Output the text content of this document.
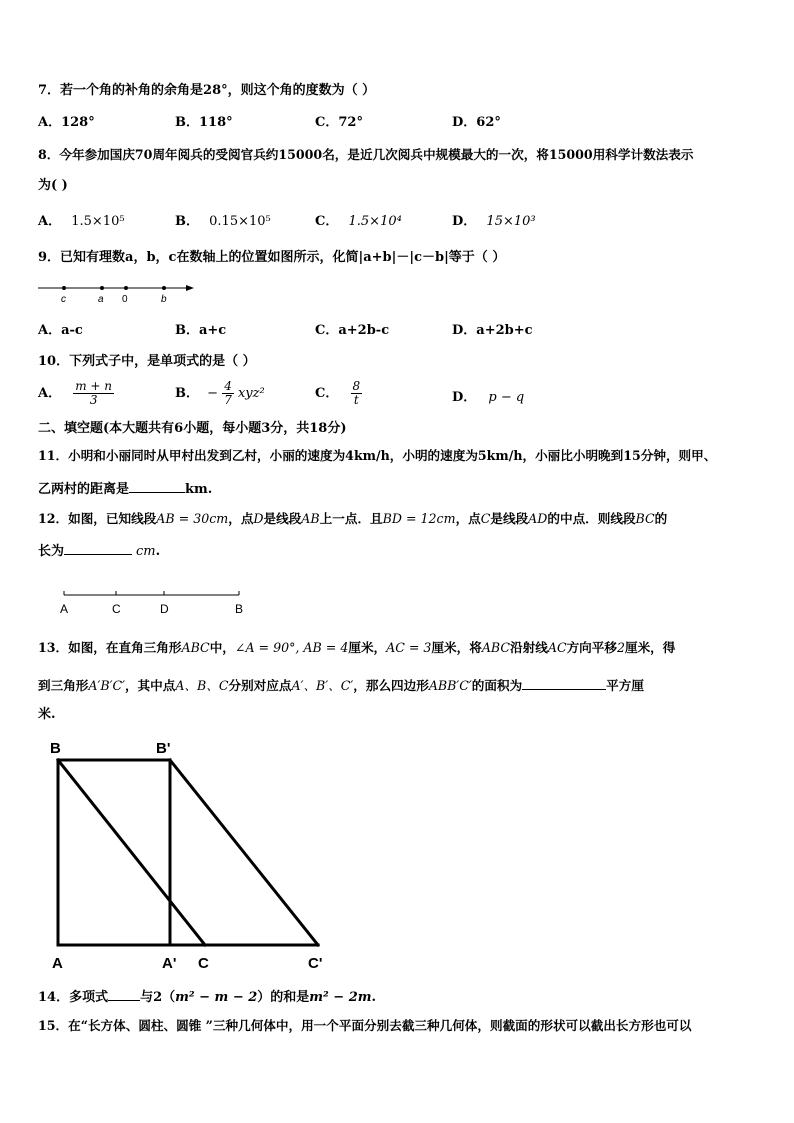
7．若一个角的补角的余角是28°，则这个角的度数为（ ）
A．128°	B．118°	C．72°	D．62°
8．今年参加国庆70周年阅兵的受阅官兵约15000名，是近几次阅兵中规模最大的一次，将15000用科学计数法表示
为( )
A． 1.5×10⁵	B． 0.15×10⁵	C． 1.5×10⁴	D． 15×10³
9．已知有理数a，b，c在数轴上的位置如图所示，化简|a+b|－|c－b|等于（ ）
c	a 0	b
A．a-c	B．a+c	C．a+2b-c	D．a+2b+c
10．下列式子中，是单项式的是（ ）
A． $\frac{m + n}{3}$	B． − $\frac{4}{7} xyz^2$	C． $\frac{8}{t}$	D． p − q
二、填空题(本大题共有6小题，每小题3分，共18分)
11．小明和小丽同时从甲村出发到乙村，小丽的速度为4km/h，小明的速度为5km/h，小丽比小明晚到15分钟，则甲、
乙两村的距离是	km.
12．如图，已知线段AB = 30cm，点D是线段AB上一点．且BD = 12cm，点C是线段AD的中点．则线段BC的
长为	cm.
A	C	D	B
13．如图，在直角三角形ABC中，∠A = 90°, AB = 4厘米，AC = 3厘米，将ABC沿射线AC方向平移2厘米，得
到三角形A′B′C′，其中点A、B、C分别对应点A′、B′、C′，那么四边形ABB′C′的面积为	平方厘
米.
B	B'
A	A' C	C'
14．多项式 与2（m² − m − 2）的和是m² − 2m.
15．在“长方体、圆柱、圆锥 ”三种几何体中，用一个平面分别去截三种几何体，则截面的形状可以截出长方形也可以
